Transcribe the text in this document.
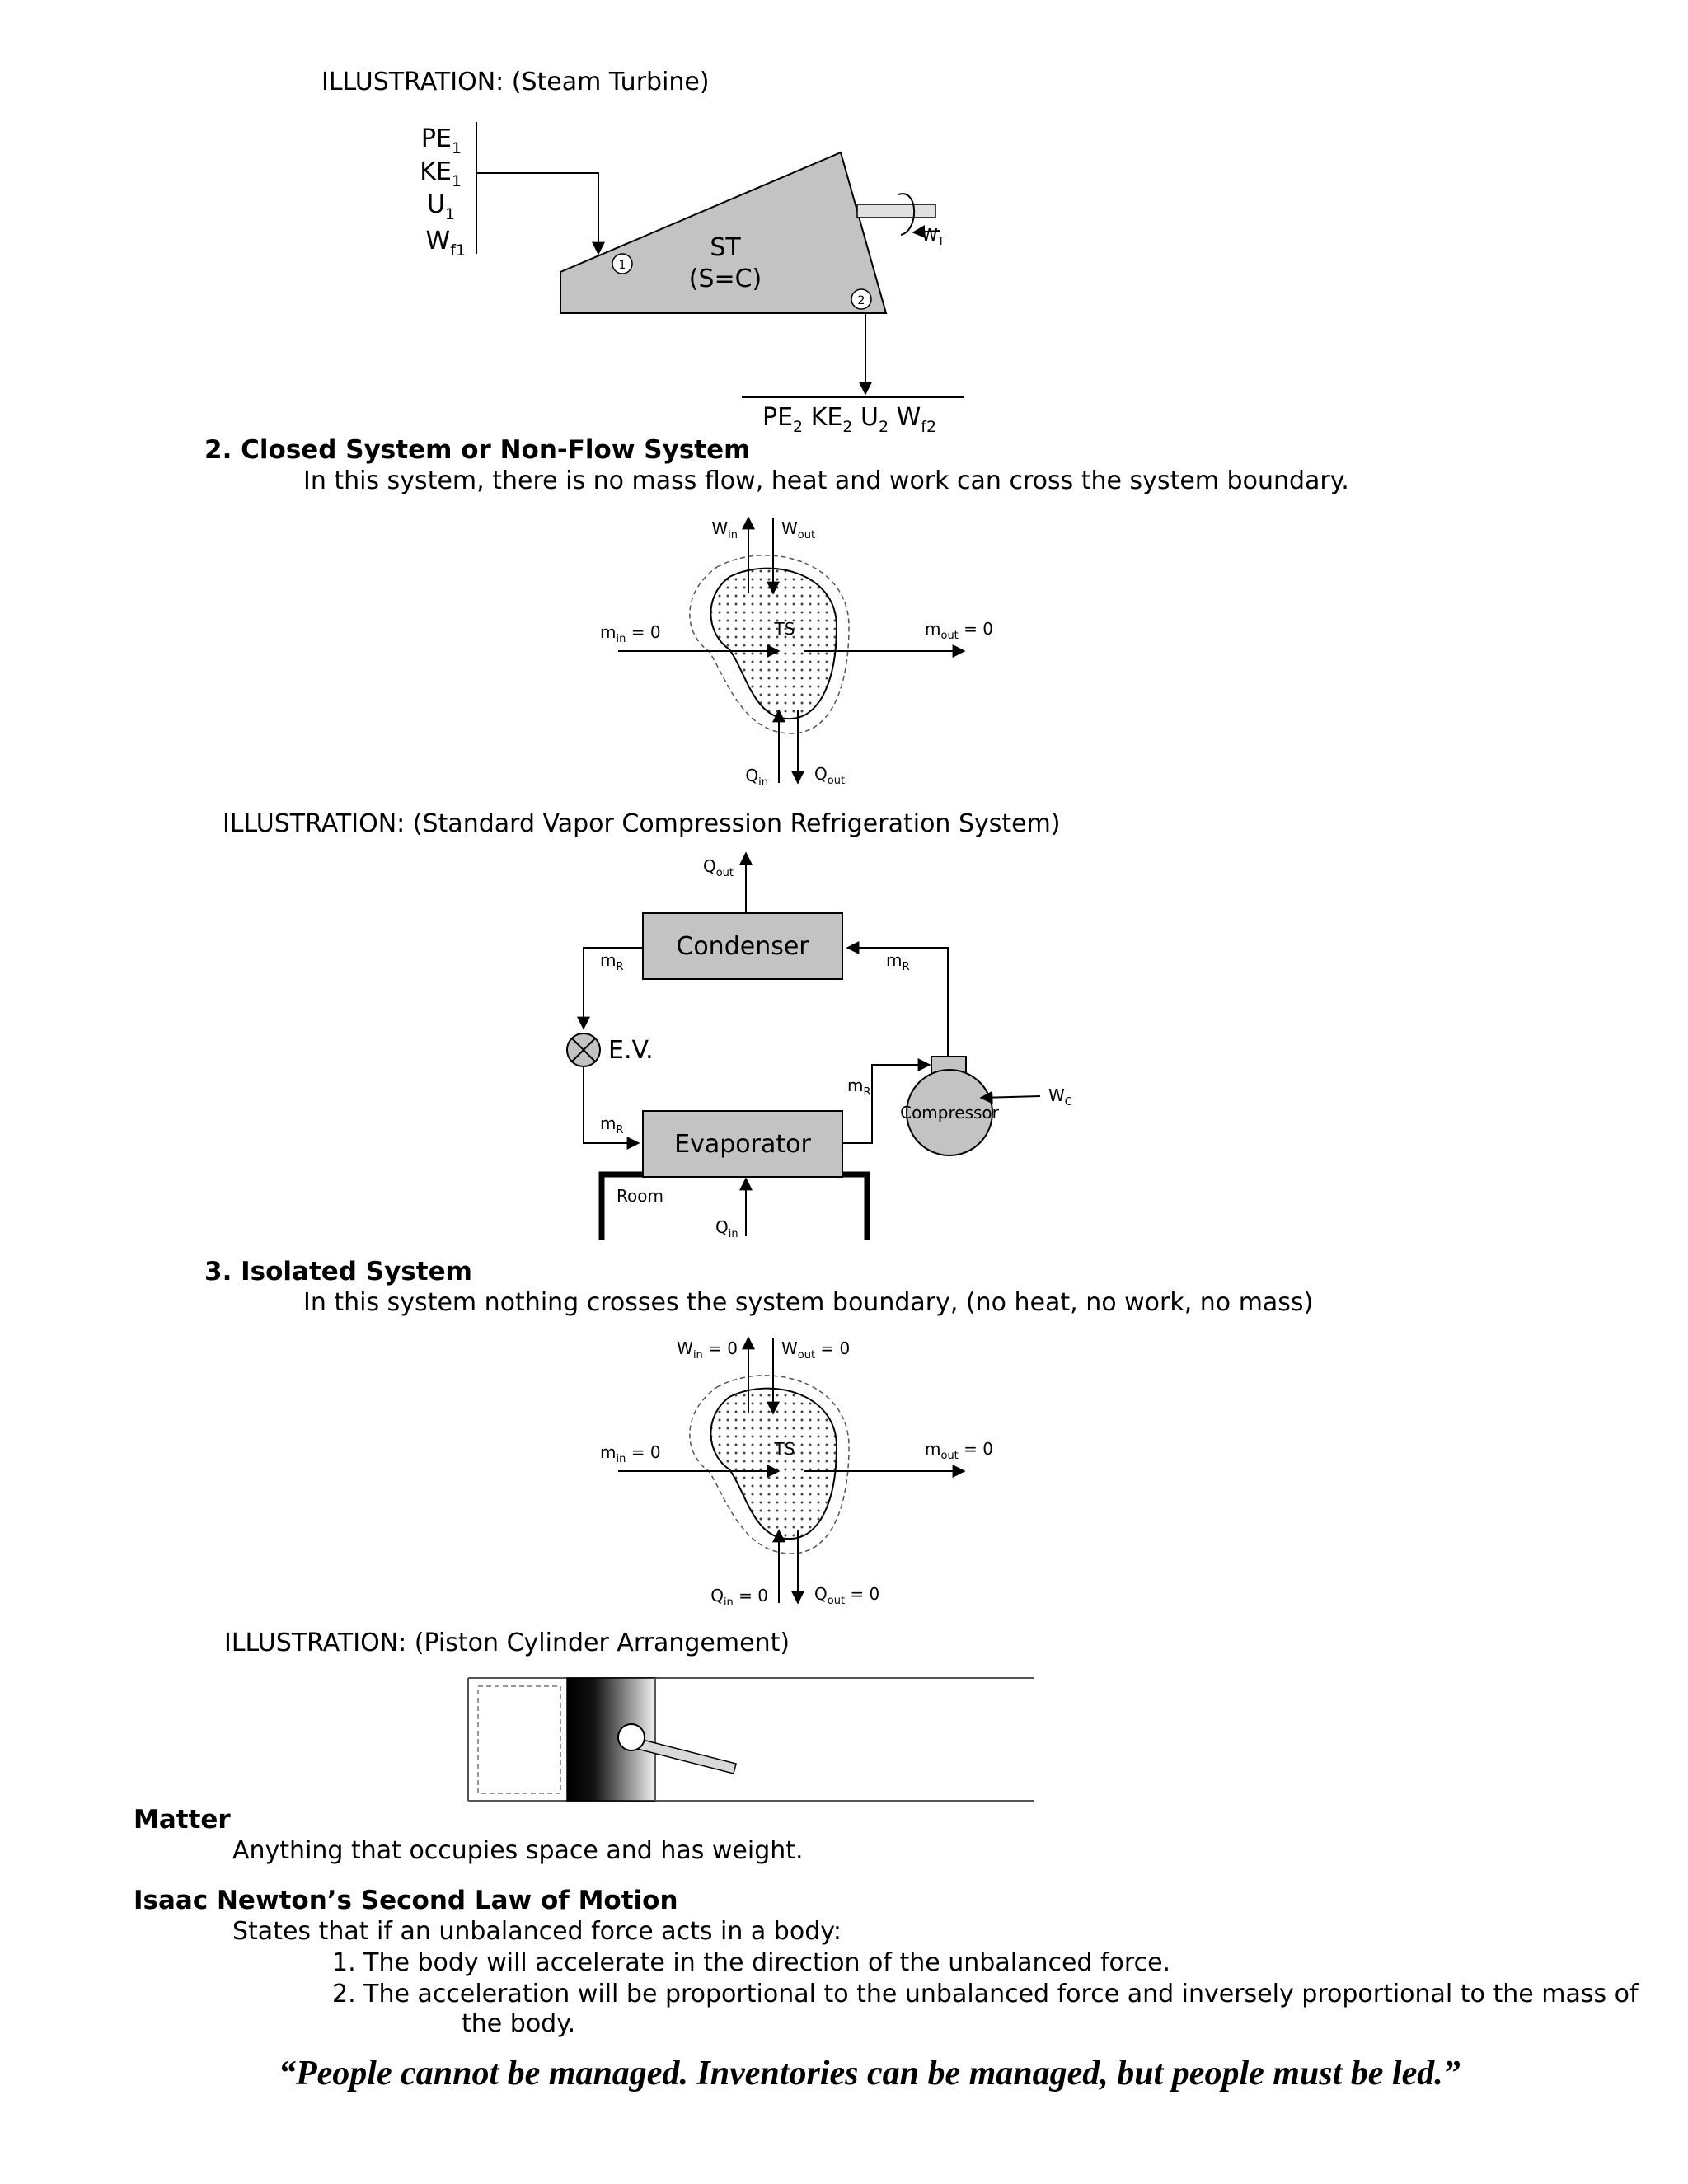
ILLUSTRATION: (Steam Turbine)
$PE_1$
$KE_1$
$U_1$
$W_{f1}$
$W_T$
1
2
ST
(S=C)
$PE_2$ $KE_2$ $U_2$ $W_{f2}$
2. Closed System or Non-Flow System
In this system, there is no mass flow, heat and work can cross the system boundary.
TS
$W_{in}$	$W_{out}$
$m_{in} = 0$	$m_{out} = 0$
$Q_{in}$	$Q_{out}$
ILLUSTRATION: (Standard Vapor Compression Refrigeration System)
$Q_{out}$
Condenser	$m_R$
$m_R$
E.V.
$m_R$ Evaporator
$m_R$
Compressor
$W_C$
Room
$Q_{in}$
3. Isolated System
In this system nothing crosses the system boundary, (no heat, no work, no mass)
TS
$W_{in} = 0$	$W_{out} = 0$
$m_{in} = 0$	$m_{out} = 0$
$Q_{in} = 0$	$Q_{out} = 0$
ILLUSTRATION: (Piston Cylinder Arrangement)
Matter
Anything that occupies space and has weight.
Isaac Newton’s Second Law of Motion
States that if an unbalanced force acts in a body:
1. The body will accelerate in the direction of the unbalanced force.
2. The acceleration will be proportional to the unbalanced force and inversely proportional to the mass of
the body.
“People cannot be managed. Inventories can be managed, but people must be led.”
